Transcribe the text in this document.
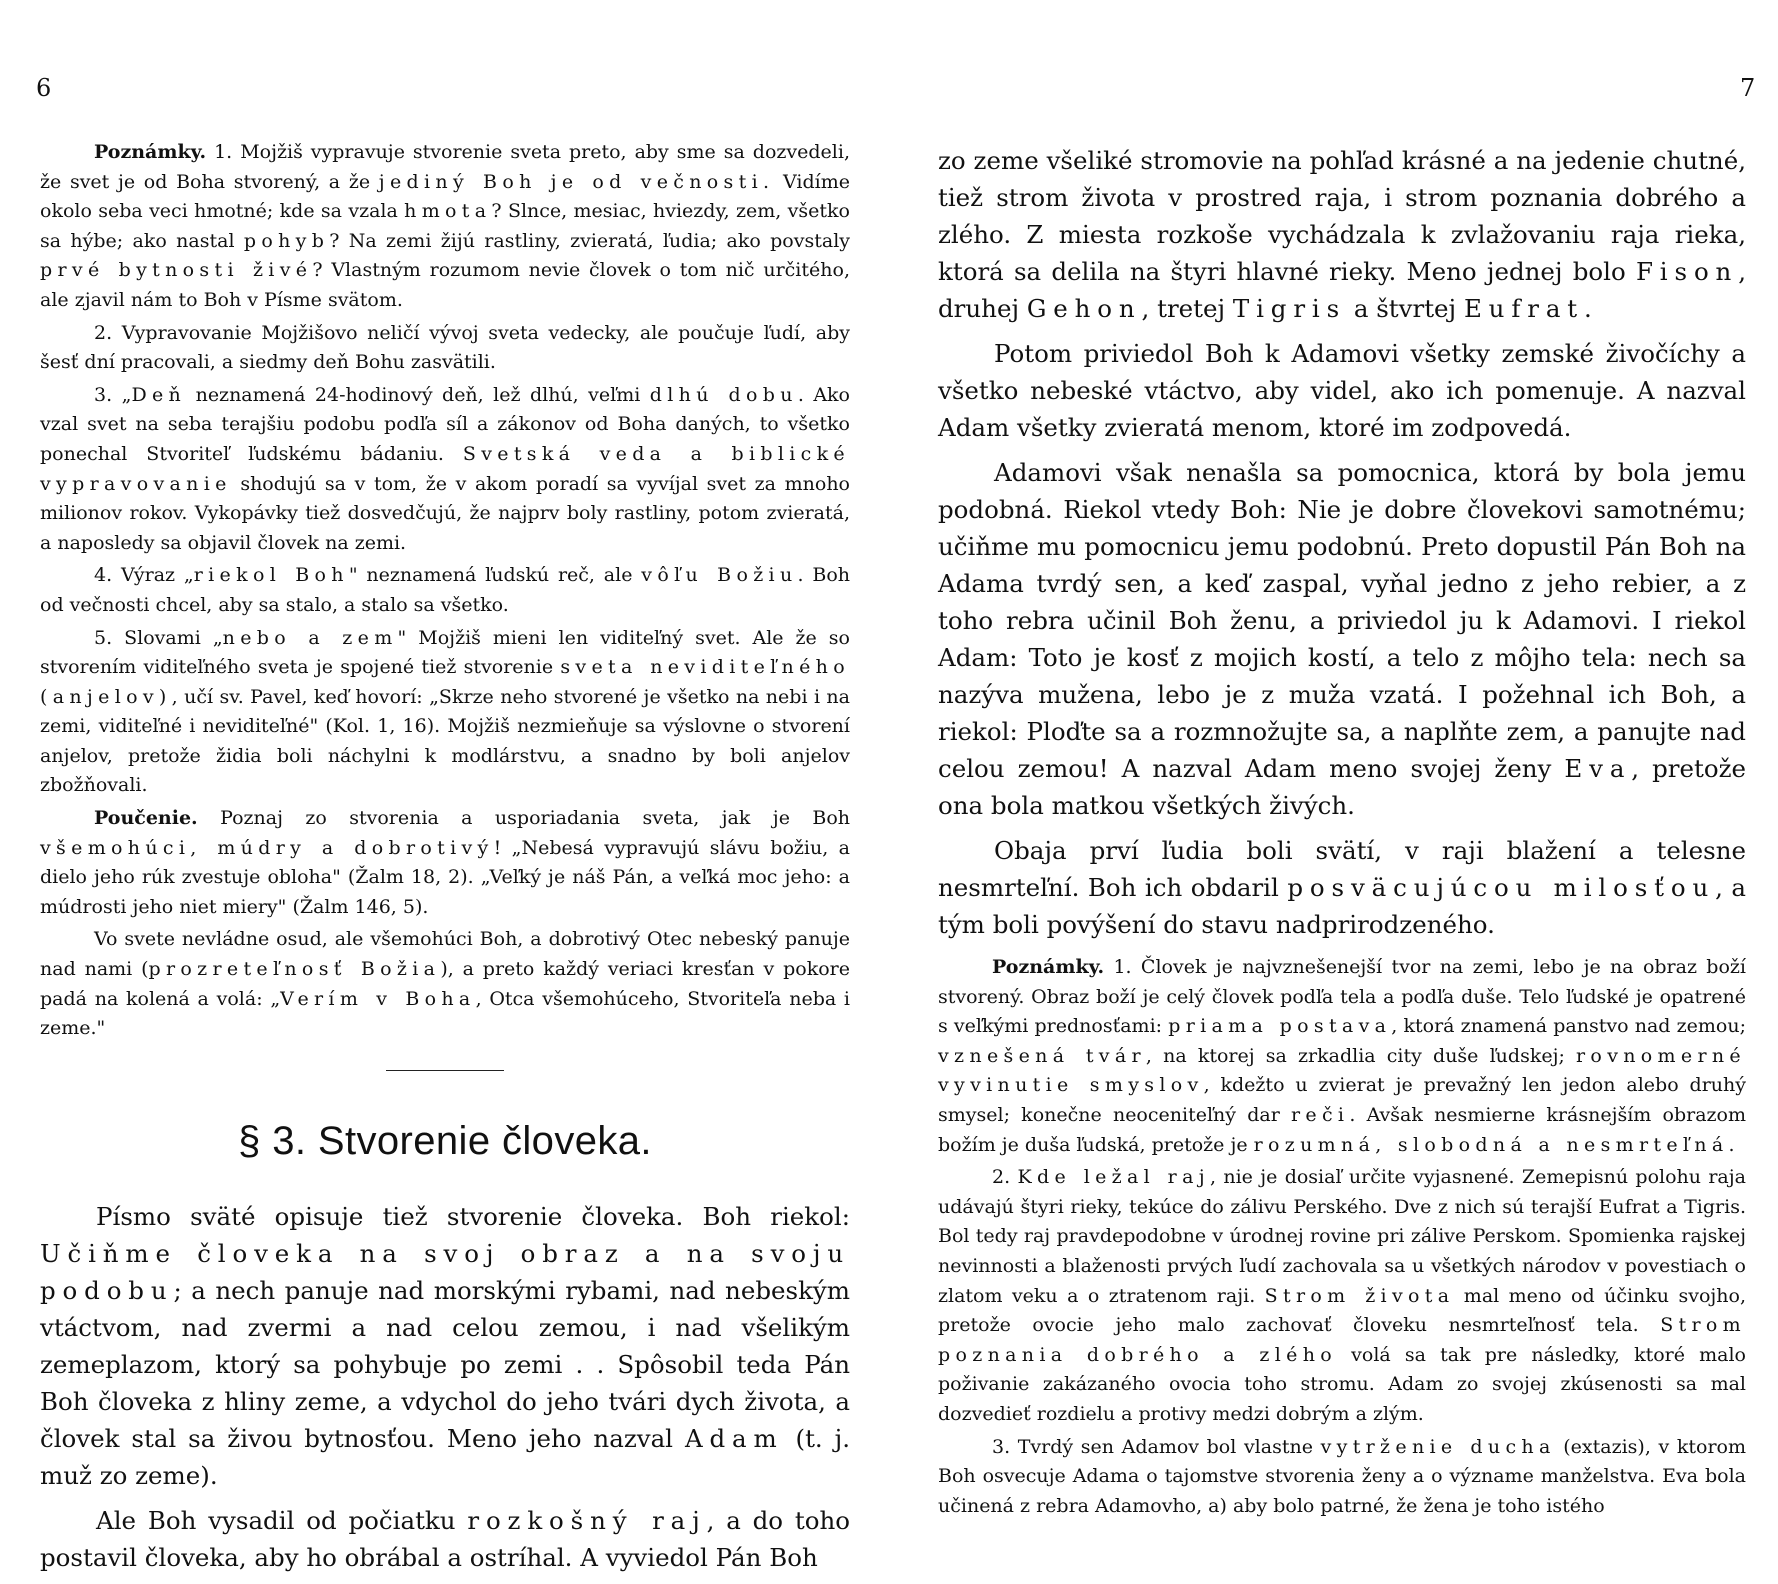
6	7

Poznámky. 1. Mojžiš vypravuje stvorenie sveta preto, aby sme sa dozvedeli, že svet je od Boha stvorený, a že jediný Boh je od večnosti. Vidíme okolo seba veci hmotné; kde sa vzala hmota? Slnce, mesiac, hviezdy, zem, všetko sa hýbe; ako nastal pohyb? Na zemi žijú rastliny, zvieratá, ľudia; ako povstaly prvé bytnosti živé? Vlastným rozumom nevie človek o tom nič určitého, ale zjavil nám to Boh v Písme svätom.

2. Vypravovanie Mojžišovo neličí vývoj sveta vedecky, ale poučuje ľudí, aby šesť dní pracovali, a siedmy deň Bohu zasvätili.

3. „Deň neznamená 24-hodinový deň, lež dlhú, veľmi dlhú dobu. Ako vzal svet na seba terajšiu podobu podľa síl a zákonov od Boha daných, to všetko ponechal Stvoriteľ ľudskému bádaniu. Svetská veda a biblické vypravovanie shodujú sa v tom, že v akom poradí sa vyvíjal svet za mnoho milionov rokov. Vykopávky tiež dosvedčujú, že najprv boly rastliny, potom zvieratá, a naposledy sa objavil človek na zemi.

4. Výraz „riekol Boh" neznamená ľudskú reč, ale vôľu Božiu. Boh od večnosti chcel, aby sa stalo, a stalo sa všetko.

5. Slovami „nebo a zem" Mojžiš mieni len viditeľný svet. Ale že so stvorením viditeľného sveta je spojené tiež stvorenie sveta neviditeľného (anjelov), učí sv. Pavel, keď hovorí: „Skrze neho stvorené je všetko na nebi i na zemi, viditeľné i neviditeľné" (Kol. 1, 16). Mojžiš nezmieňuje sa výslovne o stvorení anjelov, pretože židia boli náchylni k modlárstvu, a snadno by boli anjelov zbožňovali.

Poučenie. Poznaj zo stvorenia a usporiadania sveta, jak je Boh všemohúci, múdry a dobrotivý! „Nebesá vypravujú slávu božiu, a dielo jeho rúk zvestuje obloha" (Žalm 18, 2). „Veľký je náš Pán, a veľká moc jeho: a múdrosti jeho niet miery" (Žalm 146, 5).

Vo svete nevládne osud, ale všemohúci Boh, a dobrotivý Otec nebeský panuje nad nami (prozreteľnosť Božia), a preto každý veriaci kresťan v pokore padá na kolená a volá: „Verím v Boha, Otca všemohúceho, Stvoriteľa neba i zeme."

§ 3. Stvorenie človeka.

Písmo sväté opisuje tiež stvorenie človeka. Boh riekol: Učiňme človeka na svoj obraz a na svoju podobu; a nech panuje nad morskými rybami, nad nebeským vtáctvom, nad zvermi a nad celou zemou, i nad všelikým zemeplazom, ktorý sa pohybuje po zemi . . Spôsobil teda Pán Boh človeka z hliny zeme, a vdychol do jeho tvári dych života, a človek stal sa živou bytnosťou. Meno jeho nazval Adam (t. j. muž zo zeme).

Ale Boh vysadil od počiatku rozkošný raj, a do toho postavil človeka, aby ho obrábal a ostríhal. A vyviedol Pán Boh

zo zeme všeliké stromovie na pohľad krásné a na jedenie chutné, tiež strom života v prostred raja, i strom poznania dobrého a zlého. Z miesta rozkoše vychádzala k zvlažovaniu raja rieka, ktorá sa delila na štyri hlavné rieky. Meno jednej bolo Fison, druhej Gehon, tretej Tigris a štvrtej Eufrat.

Potom priviedol Boh k Adamovi všetky zemské živočíchy a všetko nebeské vtáctvo, aby videl, ako ich pomenuje. A nazval Adam všetky zvieratá menom, ktoré im zodpovedá.

Adamovi však nenašla sa pomocnica, ktorá by bola jemu podobná. Riekol vtedy Boh: Nie je dobre človekovi samotnému; učiňme mu pomocnicu jemu podobnú. Preto dopustil Pán Boh na Adama tvrdý sen, a keď zaspal, vyňal jedno z jeho rebier, a z toho rebra učinil Boh ženu, a priviedol ju k Adamovi. I riekol Adam: Toto je kosť z mojich kostí, a telo z môjho tela: nech sa nazýva mužena, lebo je z muža vzatá. I požehnal ich Boh, a riekol: Ploďte sa a rozmnožujte sa, a naplňte zem, a panujte nad celou zemou! A nazval Adam meno svojej ženy Eva, pretože ona bola matkou všetkých živých.

Obaja prví ľudia boli svätí, v raji blažení a telesne nesmrteľní. Boh ich obdaril posväcujúcou milosťou, a tým boli povýšení do stavu nadprirodzeného.

Poznámky. 1. Človek je najvznešenejší tvor na zemi, lebo je na obraz boží stvorený. Obraz boží je celý človek podľa tela a podľa duše. Telo ľudské je opatrené s veľkými prednosťami: priama postava, ktorá znamená panstvo nad zemou; vznešená tvár, na ktorej sa zrkadlia city duše ľudskej; rovnomerné vyvinutie smyslov, kdežto u zvierat je prevažný len jedon alebo druhý smysel; konečne neoceniteľný dar reči. Avšak nesmierne krásnejším obrazom božím je duša ľudská, pretože je rozumná, slobodná a nesmrteľná.

2. Kde ležal raj, nie je dosiaľ určite vyjasnené. Zemepisnú polohu raja udávajú štyri rieky, tekúce do zálivu Perského. Dve z nich sú terajší Eufrat a Tigris. Bol tedy raj pravdepodobne v úrodnej rovine pri zálive Perskom. Spomienka rajskej nevinnosti a blaženosti prvých ľudí zachovala sa u všetkých národov v povestiach o zlatom veku a o ztratenom raji. Strom života mal meno od účinku svojho, pretože ovocie jeho malo zachovať človeku nesmrteľnosť tela. Strom poznania dobrého a zlého volá sa tak pre následky, ktoré malo poživanie zakázaného ovocia toho stromu. Adam zo svojej zkúsenosti sa mal dozvedieť rozdielu a protivy medzi dobrým a zlým.

3. Tvrdý sen Adamov bol vlastne vytrženie ducha (extazis), v ktorom Boh osvecuje Adama o tajomstve stvorenia ženy a o význame manželstva. Eva bola učinená z rebra Adamovho, a) aby bolo patrné, že žena je toho istého
